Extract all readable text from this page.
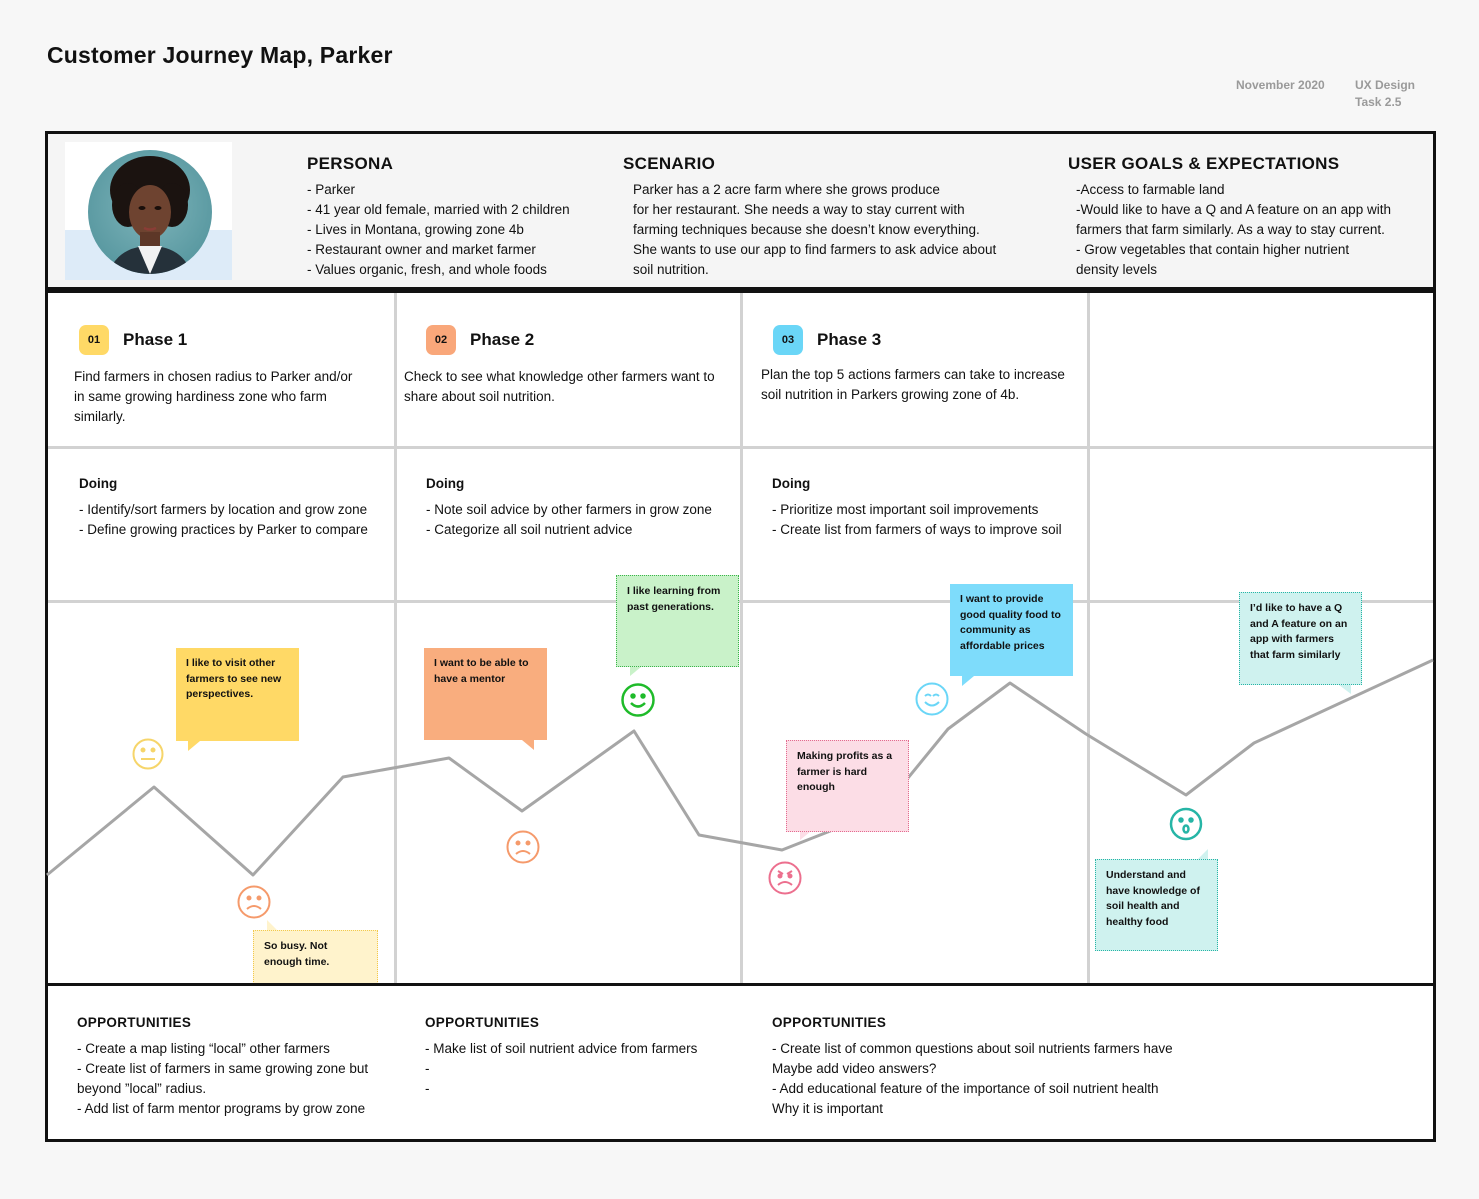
Customer Journey Map, Parker
November 2020	UX Design
Task 2.5
PERSONA
- Parker
- 41 year old female, married with 2 children
- Lives in Montana, growing zone 4b
- Restaurant owner and market farmer
- Values organic, fresh, and whole foods
SCENARIO
Parker has a 2 acre farm where she grows produce
for her restaurant. She needs a way to stay current with
farming techniques because she doesn’t know everything.
She wants to use our app to find farmers to ask advice about
soil nutrition.
USER GOALS & EXPECTATIONS
-Access to farmable land
-Would like to have a Q and A feature on an app with
farmers that farm similarly. As a way to stay current.
- Grow vegetables that contain higher nutrient
density levels
01 Phase 1
Find farmers in chosen radius to Parker and/or
in same growing hardiness zone who farm
similarly.
Doing
- Identify/sort farmers by location and grow zone
- Define growing practices by Parker to compare
02 Phase 2
Check to see what knowledge other farmers want to
share about soil nutrition.
Doing
- Note soil advice by other farmers in grow zone
- Categorize all soil nutrient advice
03 Phase 3
Plan the top 5 actions farmers can take to increase
soil nutrition in Parkers growing zone of 4b.
Doing
- Prioritize most important soil improvements
- Create list from farmers of ways to improve soil
I like to visit other farmers to see new perspectives.
So busy. Not enough time.
I want to be able to have a mentor
I like learning from past generations.
Making profits as a farmer is hard enough
I want to provide good quality food to community as affordable prices
Understand and have knowledge of soil health and healthy food
I’d like to have a Q and A feature on an app with farmers that farm similarly
OPPORTUNITIES
- Create a map listing “local” other farmers
- Create list of farmers in same growing zone but
beyond ”local” radius.
- Add list of farm mentor programs by grow zone
OPPORTUNITIES
- Make list of soil nutrient advice from farmers
-
-
OPPORTUNITIES
- Create list of common questions about soil nutrients farmers have
Maybe add video answers?
- Add educational feature of the importance of soil nutrient health
Why it is important
